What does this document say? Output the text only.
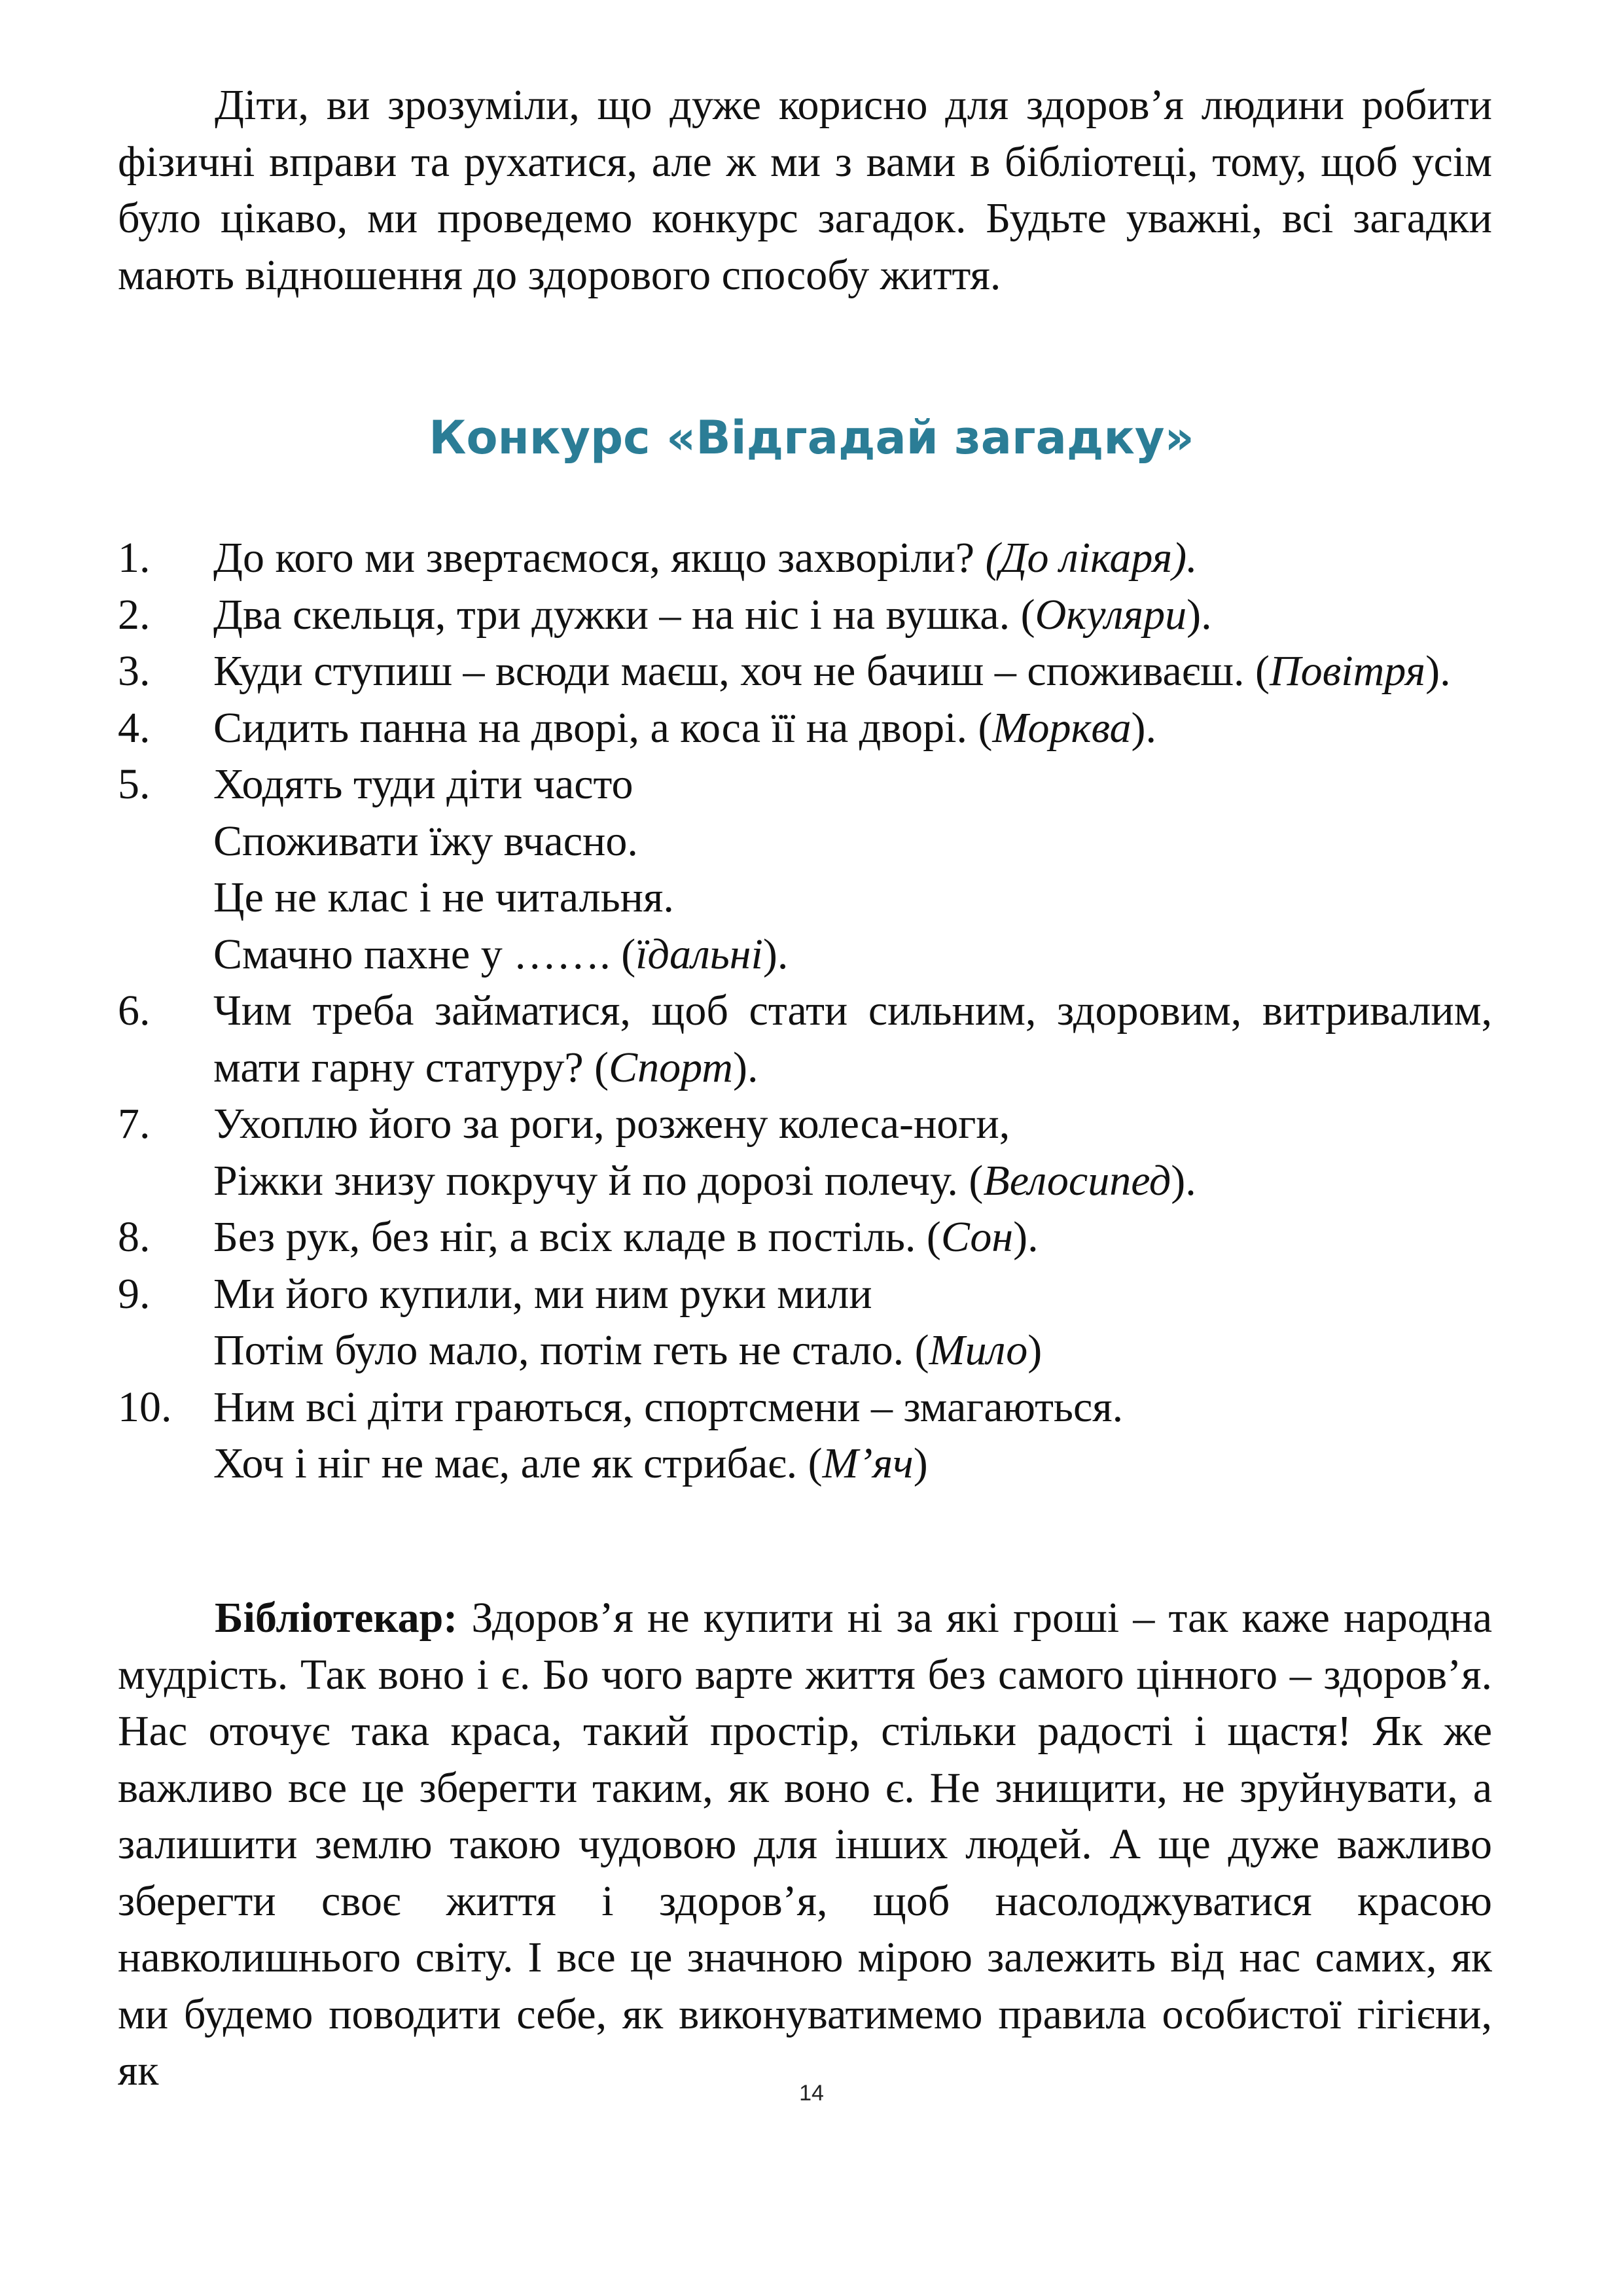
Діти, ви зрозуміли, що дуже корисно для здоров’я людини робити фізичні вправи та рухатися, але ж ми з вами в бібліотеці, тому, щоб усім було цікаво, ми проведемо конкурс загадок. Будьте уважні, всі загадки мають відношення до здорового способу життя.

Конкурс «Відгадай загадку»
1.	До кого ми звертаємося, якщо захворіли? (До лікаря).
2.	Два скельця, три дужки – на ніс і на вушка. (Окуляри).
3.	Куди ступиш – всюди маєш, хоч не бачиш – споживаєш. (Повітря).
4.	Сидить панна на дворі, а коса її на дворі. (Морква).
5.	Ходять туди діти часто
Споживати їжу вчасно.
Це не клас і не читальня.
Смачно пахне у ……. (їдальні).
6.	Чим треба займатися, щоб стати сильним, здоровим, витривалим, мати гарну статуру? (Спорт).
7.	Ухоплю його за роги, розжену колеса-ноги,
Ріжки знизу покручу й по дорозі полечу. (Велосипед).
8.	Без рук, без ніг, а всіх кладе в постіль. (Сон).
9.	Ми його купили, ми ним руки мили
Потім було мало, потім геть не стало. (Мило)
10. Ним всі діти граються, спортсмени – змагаються.
Хоч і ніг не має, але як стрибає. (М’яч)

Бібліотекар: Здоров’я не купити ні за які гроші – так каже народна мудрість. Так воно і є. Бо чого варте життя без самого цінного – здоров’я. Нас оточує така краса, такий простір, стільки радості і щастя! Як же важливо все це зберегти таким, як воно є. Не знищити, не зруйнувати, а залишити землю такою чудовою для інших людей. А ще дуже важливо зберегти своє життя і здоров’я, щоб насолоджуватися красою навколишнього світу. І все це значною мірою залежить від нас самих, як ми будемо поводити себе, як виконуватимемо правила особистої гігієни, як	14
